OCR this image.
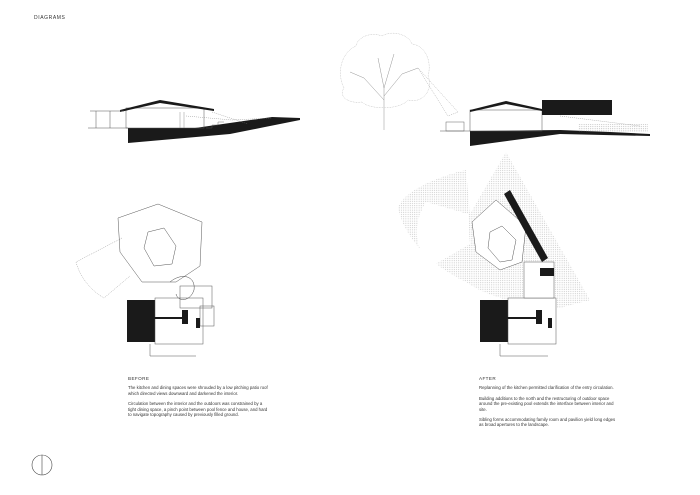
DIAGRAMS
BEFORE

The kitchen and dining spaces were shrouded by a low pitching patio roof which directed views downward and darkened the interior.

Circulation between the interior and the outdoors was constrained by a tight dining space, a pinch point between pool fence and house, and hard to navigate topography caused by previously filled ground.

AFTER

Replanning of the kitchen permitted clarification of the entry circulation.

Building additions to the north and the restructuring of outdoor space around the pre-existing pool extends the interface between interior and site.

Sibling forms accommodating family room and pavilion yield long edges as broad apertures to the landscape.
